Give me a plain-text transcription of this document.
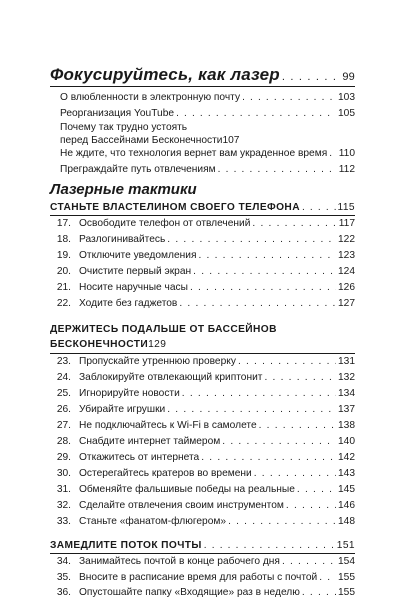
Фокусируйтесь, как лазер . . .	99
О влюбленности в электронную почту . . .	103
Реорганизация YouTube . . .	105
Почему так трудно устоять
перед Бассейнами Бесконечности 107
Не ждите, что технология вернет вам украденное время . . . 110
Преграждайте путь отвлечениям . . .	112
Лазерные тактики
СТАНЬТЕ ВЛАСТЕЛИНОМ СВОЕГО ТЕЛЕФОНА . . .	115
17. Освободите телефон от отвлечений . . .	117
18. Разлогинивайтесь . . .	122
19. Отключите уведомления . . .	123
20. Очистите первый экран . . .	124
21. Носите наручные часы . . .	126
22. Ходите без гаджетов . . .	127
ДЕРЖИТЕСЬ ПОДАЛЬШЕ ОТ БАССЕЙНОВ
БЕСКОНЕЧНОСТИ 129
23. Пропускайте утреннюю проверку . . .	131
24. Заблокируйте отвлекающий криптонит . . .	132
25. Игнорируйте новости . . .	134
26. Убирайте игрушки . . .	137
27. Не подключайтесь к Wi-Fi в самолете . . .	138
28. Снабдите интернет таймером . . .	140
29. Откажитесь от интернета . . .	142
30. Остерегайтесь кратеров во времени . . .	143
31. Обменяйте фальшивые победы на реальные . . .	145
32. Сделайте отвлечения своим инструментом . . .	146
33. Станьте «фанатом-флюгером» . . .	148
ЗАМЕДЛИТЕ ПОТОК ПОЧТЫ . . .	151
34. Занимайтесь почтой в конце рабочего дня . . .	154
35. Вносите в расписание время для работы с почтой . . . 155
36. Опустошайте папку «Входящие» раз в неделю . . .	155
